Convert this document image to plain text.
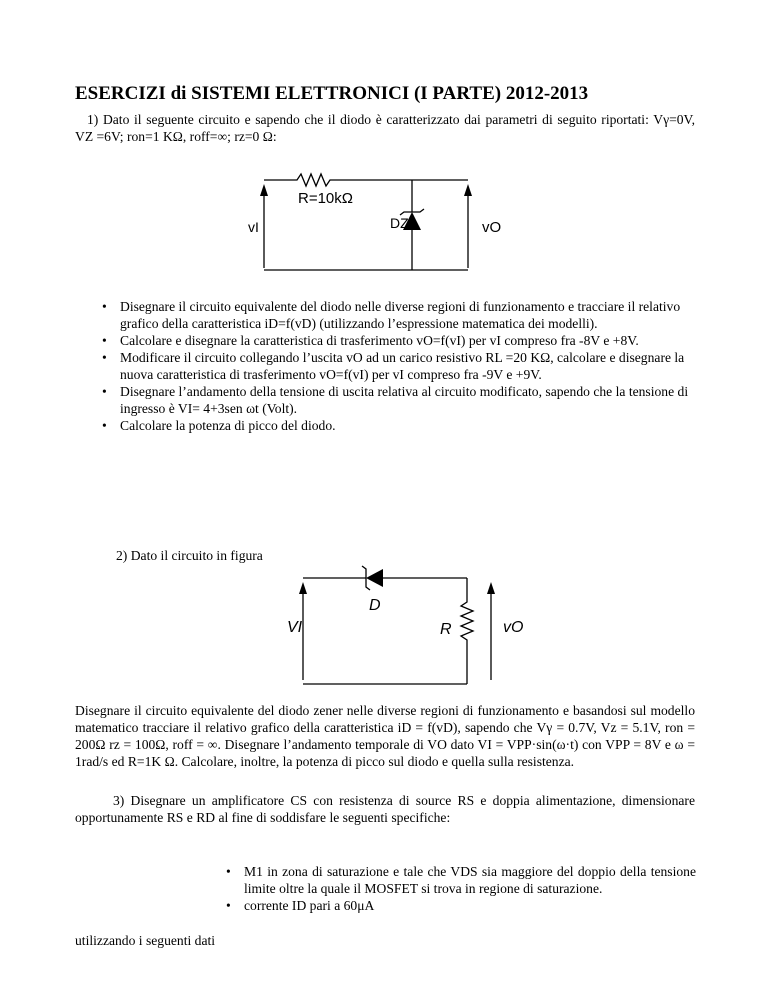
ESERCIZI di SISTEMI ELETTRONICI (I PARTE) 2012-2013
1) Dato il seguente circuito e sapendo che il diodo è caratterizzato dai parametri di seguito riportati: Vγ=0V, VZ =6V; ron=1 KΩ, roff=∞; rz=0 Ω:
R=10kΩ
DZ
vI	vO
• Disegnare il circuito equivalente del diodo nelle diverse regioni di funzionamento e tracciare il relativo grafico della caratteristica iD=f(vD) (utilizzando l’espressione matematica dei modelli).
• Calcolare e disegnare la caratteristica di trasferimento vO=f(vI) per vI compreso fra -8V e +8V.
• Modificare il circuito collegando l’uscita vO ad un carico resistivo RL =20 KΩ, calcolare e disegnare la nuova caratteristica di trasferimento vO=f(vI) per vI compreso fra -9V e +9V.
• Disegnare l’andamento della tensione di uscita relativa al circuito modificato, sapendo che la tensione di ingresso è VI= 4+3sen ωt (Volt).
• Calcolare la potenza di picco del diodo.
2) Dato il circuito in figura
D
VI	R	vO
Disegnare il circuito equivalente del diodo zener nelle diverse regioni di funzionamento e basandosi sul modello matematico tracciare il relativo grafico della caratteristica iD = f(vD), sapendo che Vγ = 0.7V, Vz = 5.1V, ron = 200Ω rz = 100Ω, roff = ∞. Disegnare l’andamento temporale di VO dato VI = VPP·sin(ω·t) con VPP = 8V e ω = 1rad/s ed R=1K Ω. Calcolare, inoltre, la potenza di picco sul diodo e quella sulla resistenza.
3) Disegnare un amplificatore CS con resistenza di source RS e doppia alimentazione, dimensionare opportunamente RS e RD al fine di soddisfare le seguenti specifiche:
• M1 in zona di saturazione e tale che VDS sia maggiore del doppio della tensione limite oltre la quale il MOSFET si trova in regione di saturazione.
• corrente ID pari a 60μA
utilizzando i seguenti dati
